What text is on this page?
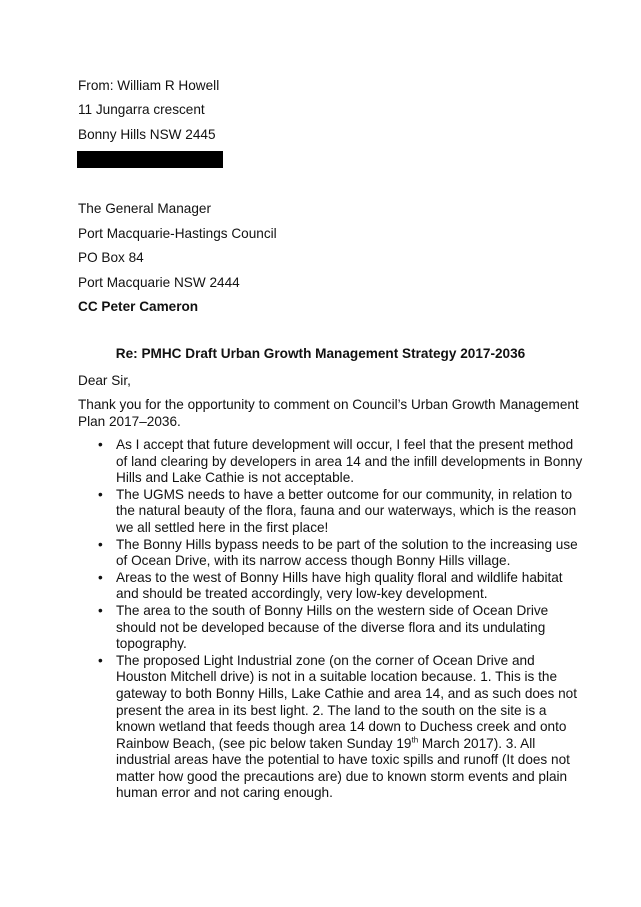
From: William R Howell
11 Jungarra crescent
Bonny Hills NSW 2445
The General Manager
Port Macquarie-Hastings Council
PO Box 84
Port Macquarie NSW 2444
CC Peter Cameron
Re: PMHC Draft Urban Growth Management Strategy 2017-2036
Dear Sir,
Thank you for the opportunity to comment on Council’s Urban Growth Management
Plan 2017–2036.
• As I accept that future development will occur, I feel that the present method
of land clearing by developers in area 14 and the infill developments in Bonny
Hills and Lake Cathie is not acceptable.
• The UGMS needs to have a better outcome for our community, in relation to
the natural beauty of the flora, fauna and our waterways, which is the reason
we all settled here in the first place!
• The Bonny Hills bypass needs to be part of the solution to the increasing use
of Ocean Drive, with its narrow access though Bonny Hills village.
• Areas to the west of Bonny Hills have high quality floral and wildlife habitat
and should be treated accordingly, very low-key development.
• The area to the south of Bonny Hills on the western side of Ocean Drive
should not be developed because of the diverse flora and its undulating
topography.
• The proposed Light Industrial zone (on the corner of Ocean Drive and
Houston Mitchell drive) is not in a suitable location because. 1. This is the
gateway to both Bonny Hills, Lake Cathie and area 14, and as such does not
present the area in its best light. 2. The land to the south on the site is a
known wetland that feeds though area 14 down to Duchess creek and onto
Rainbow Beach, (see pic below taken Sunday 19th March 2017). 3. All
industrial areas have the potential to have toxic spills and runoff (It does not
matter how good the precautions are) due to known storm events and plain
human error and not caring enough.
